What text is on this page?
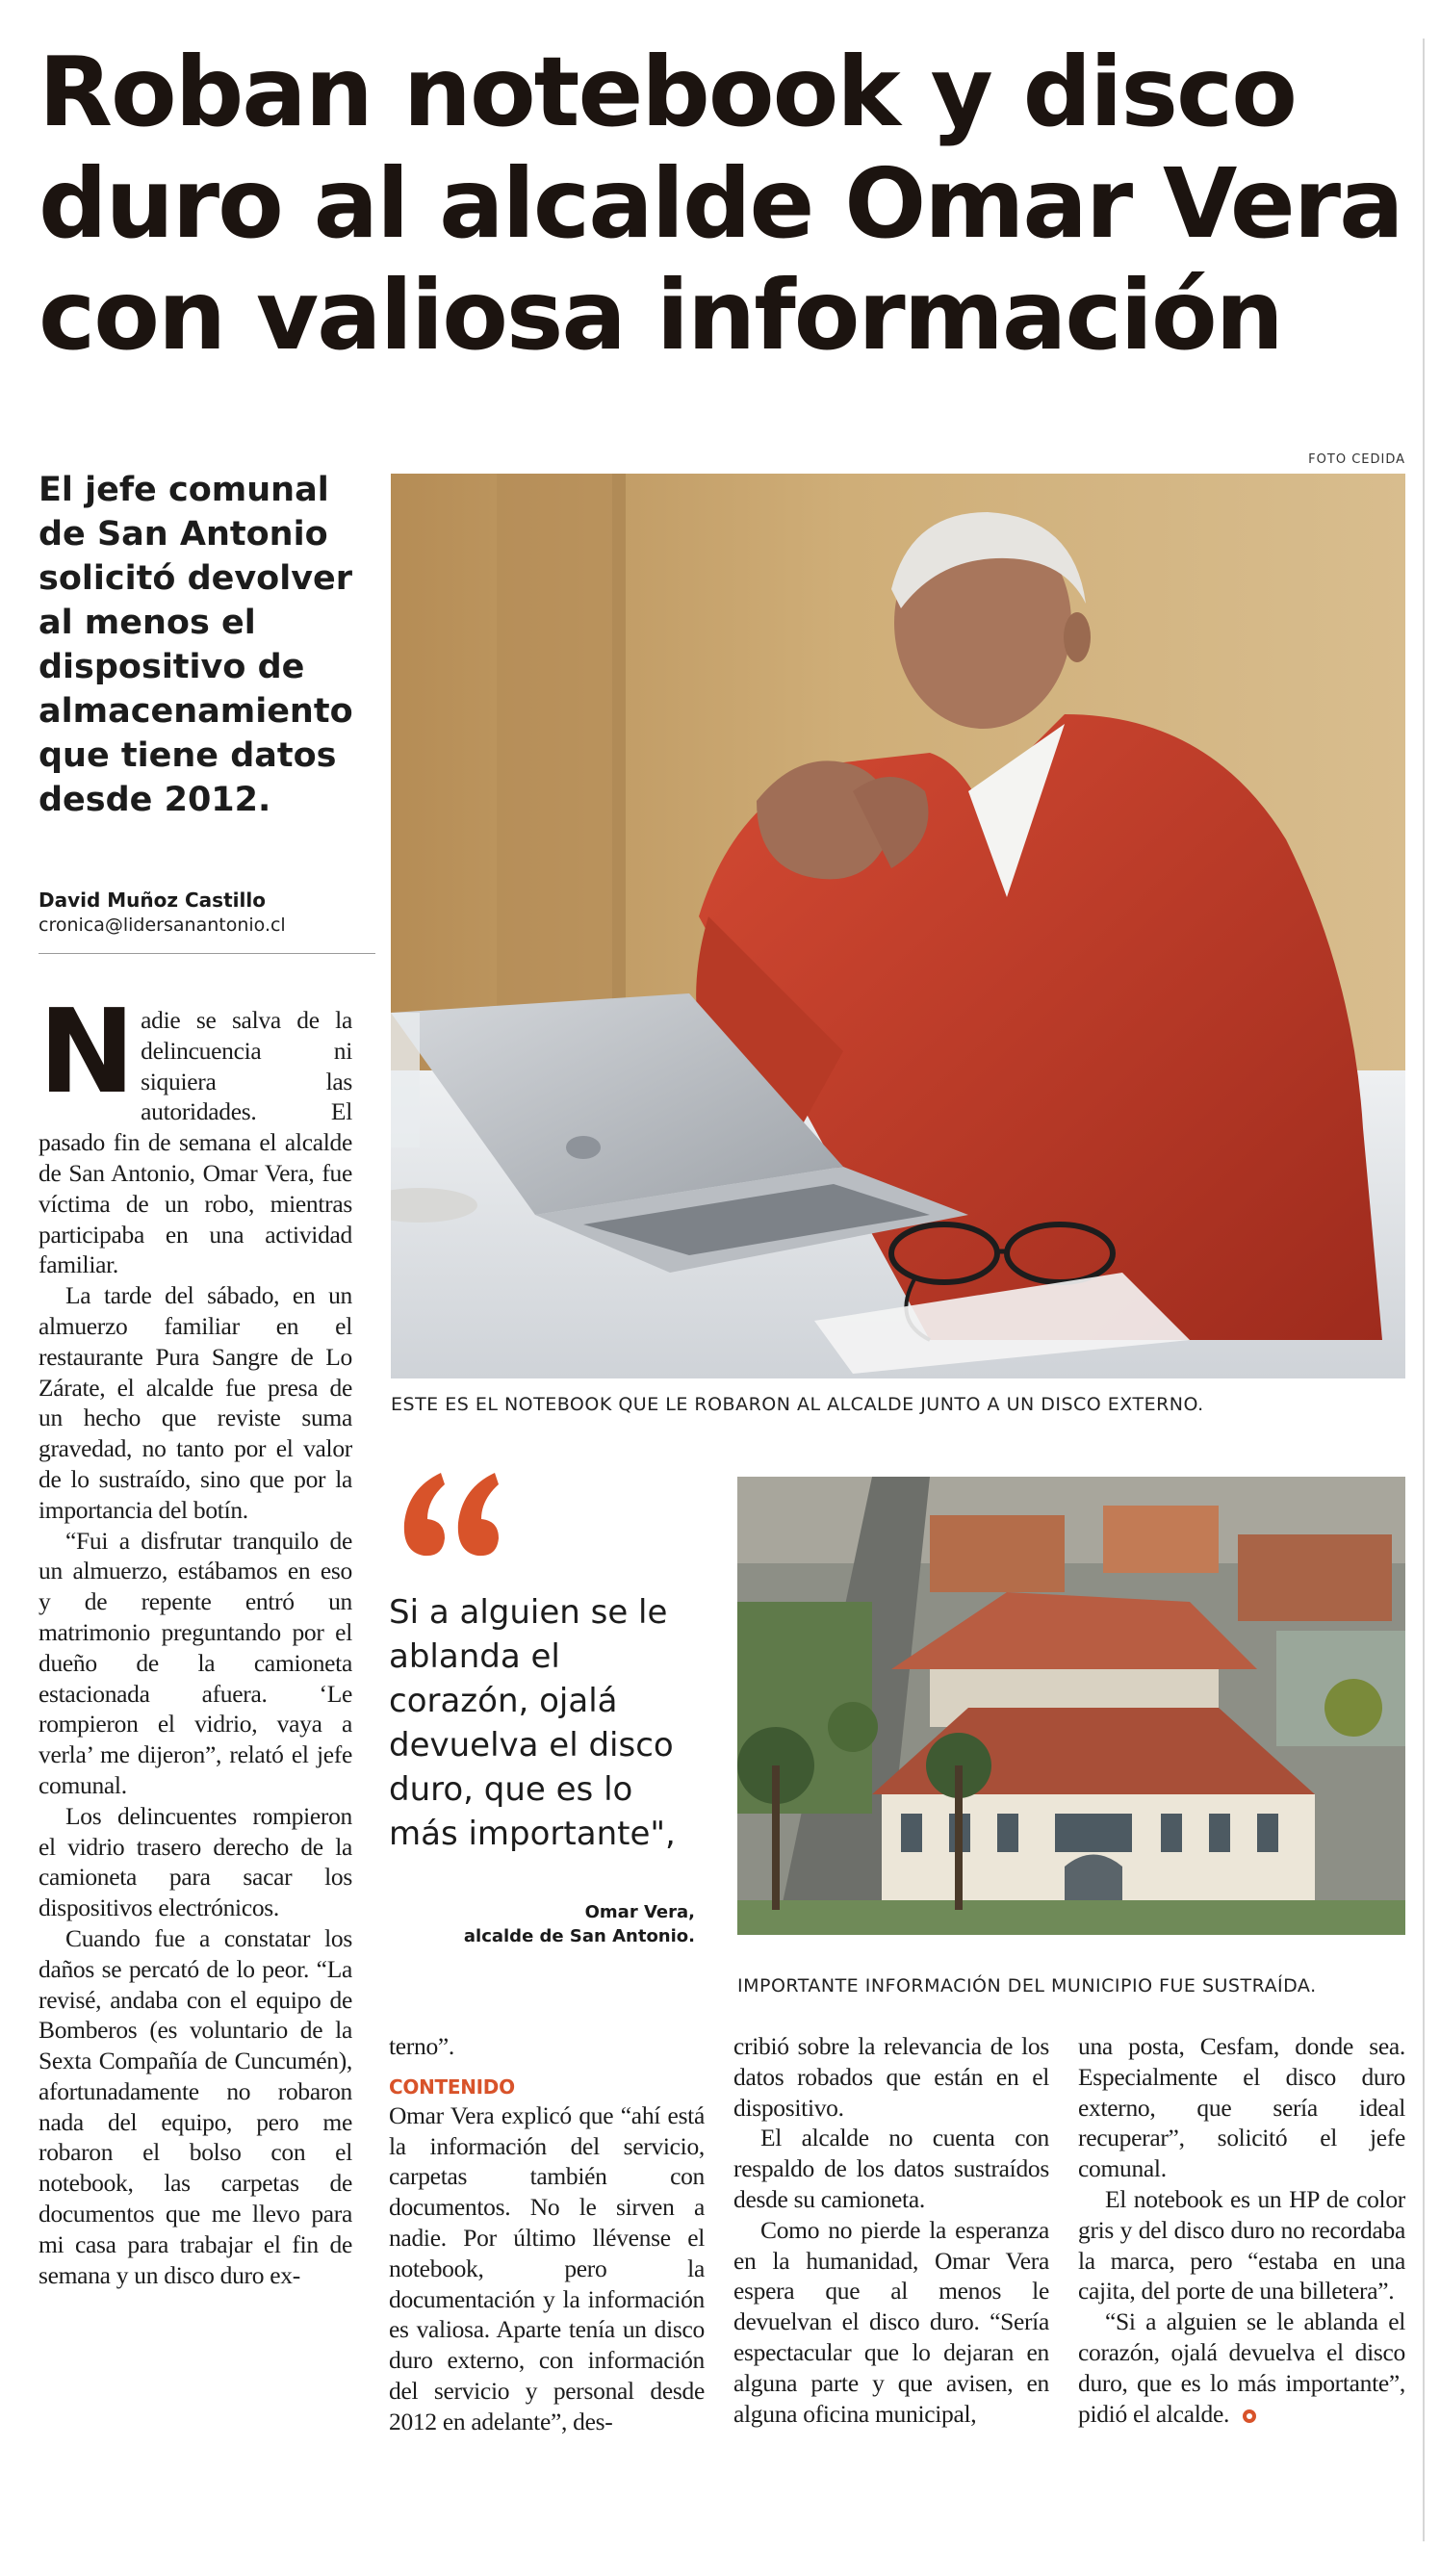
Roban notebook y disco
duro al alcalde Omar Vera
con valiosa información
El jefe comunal
de San Antonio
solicitó devolver
al menos el
dispositivo de
almacenamiento
que tiene datos
desde 2012.
David Muñoz Castillo
cronica@lidersanantonio.cl
FOTO CEDIDA
ESTE ES EL NOTEBOOK QUE LE ROBARON AL ALCALDE JUNTO A UN DISCO EXTERNO.
Si a alguien se le
ablanda el
corazón, ojalá
devuelva el disco
duro, que es lo
más importante",
Omar Vera,
alcalde de San Antonio.
IMPORTANTE INFORMACIÓN DEL MUNICIPIO FUE SUSTRAÍDA.

Nadie se salva de la delincuencia ni siquiera las autoridades. El pasado fin de semana el alcalde de San Antonio, Omar Vera, fue víctima de un robo, mientras participaba en una actividad familiar.

La tarde del sábado, en un almuerzo familiar en el restaurante Pura Sangre de Lo Zárate, el alcalde fue presa de un hecho que reviste suma gravedad, no tanto por el valor de lo sustraído, sino que por la importancia del botín.

“Fui a disfrutar tranquilo de un almuerzo, estábamos en eso y de repente entró un matrimonio preguntando por el dueño de la camioneta estacionada afuera. ‘Le rompieron el vidrio, vaya a verla’ me dijeron”, relató el jefe comunal.

Los delincuentes rompieron el vidrio trasero derecho de la camioneta para sacar los dispositivos electrónicos.

Cuando fue a constatar los daños se percató de lo peor. “La revisé, andaba con el equipo de Bomberos (es voluntario de la Sexta Compañía de Cuncumén), afortunadamente no robaron nada del equipo, pero me robaron el bolso con el notebook, las carpetas de documentos que me llevo para mi casa para trabajar el fin de semana y un disco duro ex-

terno”.

CONTENIDO

Omar Vera explicó que “ahí está la información del servicio, carpetas también con documentos. No le sirven a nadie. Por último llévense el notebook, pero la documentación y la información es valiosa. Aparte tenía un disco duro externo, con información del servicio y personal desde 2012 en adelante”, des-

cribió sobre la relevancia de los datos robados que están en el dispositivo.

El alcalde no cuenta con respaldo de los datos sustraídos desde su camioneta.

Como no pierde la esperanza en la humanidad, Omar Vera espera que al menos le devuelvan el disco duro. “Sería espectacular que lo dejaran en alguna parte y que avisen, en alguna oficina municipal,

una posta, Cesfam, donde sea. Especialmente el disco duro externo, que sería ideal recuperar”, solicitó el jefe comunal.

El notebook es un HP de color gris y del disco duro no recordaba la marca, pero “estaba en una cajita, del porte de una billetera”.

“Si a alguien se le ablanda el corazón, ojalá devuelva el disco duro, que es lo más importante”, pidió el alcalde.
